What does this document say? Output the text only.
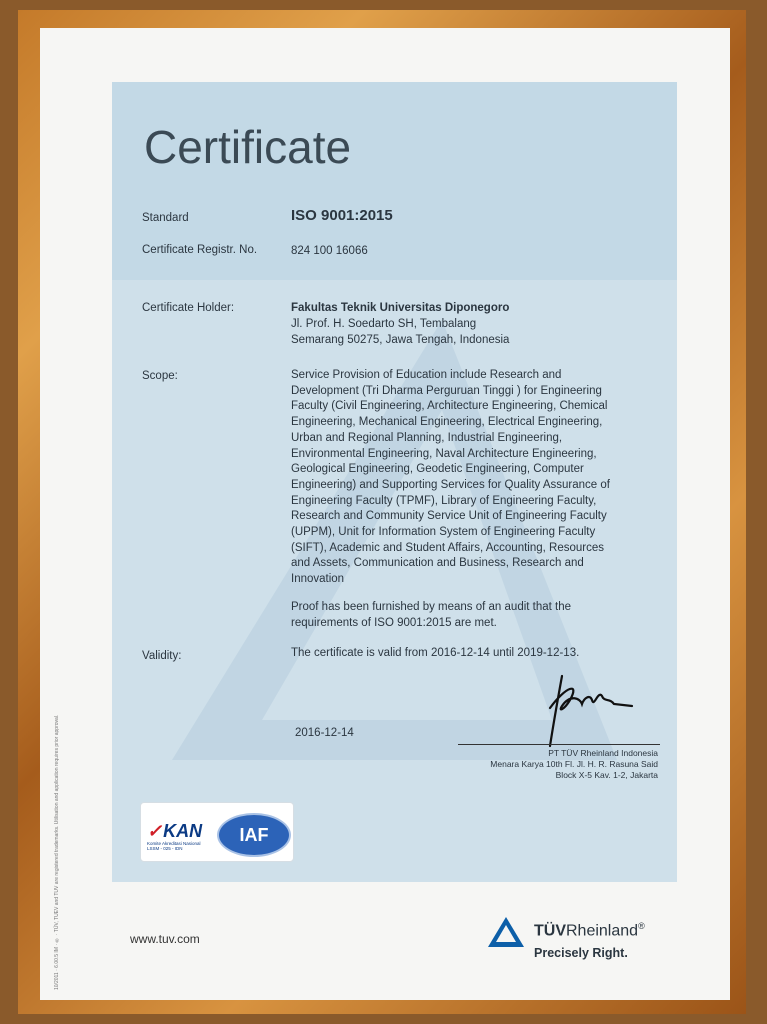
Certificate
Standard	ISO 9001:2015
Certificate Registr. No.	824 100 16066
Certificate Holder:	Fakultas Teknik Universitas Diponegoro
Jl. Prof. H. Soedarto SH, Tembalang
Semarang 50275, Jawa Tengah, Indonesia
Scope:	Service Provision of Education include Research and
Development (Tri Dharma Perguruan Tinggi ) for Engineering
Faculty (Civil Engineering, Architecture Engineering, Chemical
Engineering, Mechanical Engineering, Electrical Engineering,
Urban and Regional Planning, Industrial Engineering,
Environmental Engineering, Naval Architecture Engineering,
Geological Engineering, Geodetic Engineering, Computer
Engineering) and Supporting Services for Quality Assurance of
Engineering Faculty (TPMF), Library of Engineering Faculty,
Research and Community Service Unit of Engineering Faculty
(UPPM), Unit for Information System of Engineering Faculty
(SIFT), Academic and Student Affairs, Accounting, Resources
and Assets, Communication and Business, Research and
Innovation
Proof has been furnished by means of an audit that the
requirements of ISO 9001:2015 are met.
Validity:	The certificate is valid from 2016-12-14 until 2019-12-13.
2016-12-14
PT TÜV Rheinland Indonesia
Menara Karya 10th Fl. Jl. H. R. Rasuna Said
Block X-5 Kav. 1-2, Jakarta
✓KAN
Komite Akreditasi Nasional LSSM - 025 - IDN
IAF
10/2011 · 6.00.5 IM · ® · TÜV, TUEV and TUV are registered trademarks. Utilisation and application requires prior approval.	www.tuv.com	TÜVRheinland®
Precisely Right.
